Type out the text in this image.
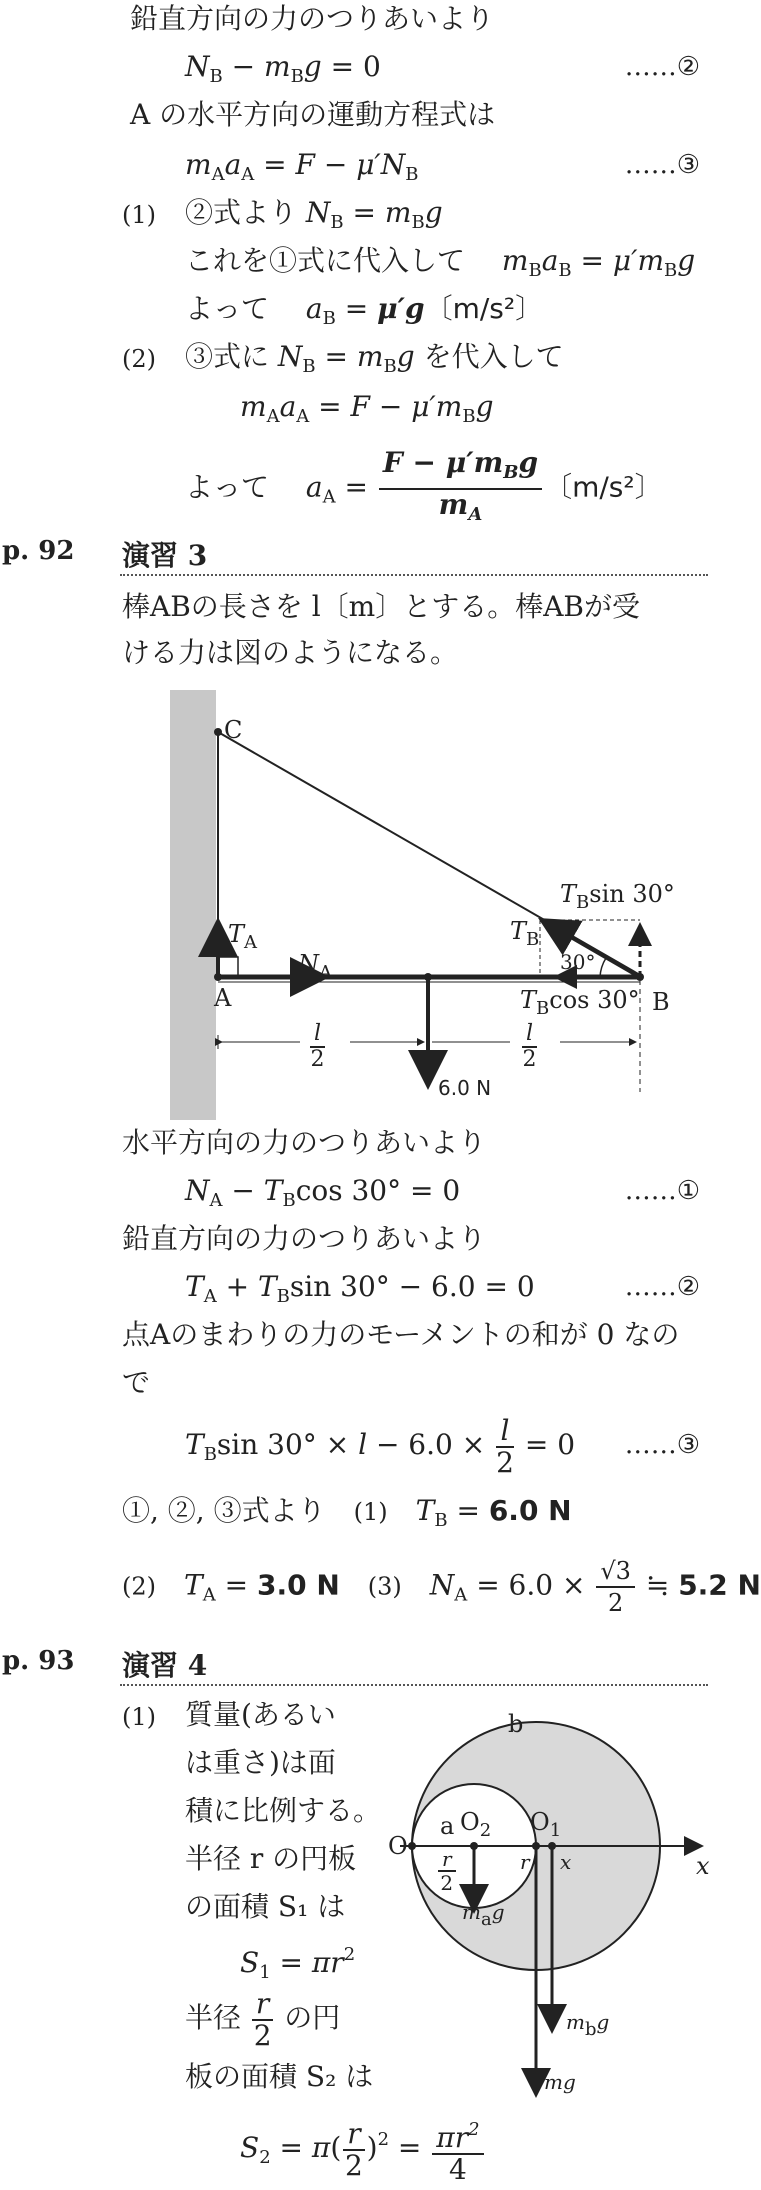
鉛直方向の力のつりあいより
$N_B - m_Bg = 0$	……②
A の水平方向の運動方程式は
$m_Aa_A = F - \mu'N_B$	……③
(1) ②式より $N_B = m_Bg$
これを①式に代入して　 $m_Ba_B = \mu'm_Bg$
よって　 $a_B = \mu'g$〔m/s²〕
(2) ③式に $N_B = m_Bg$ を代入して
$m_Aa_A = F - \mu'm_Bg$
よって　 $a_A = \frac{F - \mu'm_Bg}{m_A}$ 〔m/s²〕
p. 92 演習 3
棒ABの長さを l〔m〕とする。棒ABが受
ける力は図のようになる。
C
A	B
$T_A$
$N_A$
$T_B$
$T_B\sin$ 30°
$T_B\cos$ 30°
30°
$\frac{l}{2}$	$\frac{l}{2}$
6.0 N
水平方向の力のつりあいより
$N_A - T_B\cos$ 30° = 0	……①
鉛直方向の力のつりあいより
$T_A + T_B\sin$ 30° − 6.0 = 0	……②
点Aのまわりの力のモーメントの和が 0 なの
で
$T_B\sin$ $30^\circ \times l - 6.0 \times \frac{l}{2} = 0$ ……③
①, ②, ③式より　 (1)　 $T_B = 6.0$ N
(2)　 $T_A = 3.0$ N　 (3)　 $N_A = 6.0 \times \frac{√3}{2}$ ≒ 5.2 N
p. 93 演習 4
(1) 質量(あるい
は重さ)は面
積に比例する。
半径 r の円板
の面積 S₁ は
$S_1 = \pi r^2$
半径 $\frac{r}{2}$ の円
板の面積 S₂ は
$S_2 = \pi( \frac{r}{2} )^2 = \frac{\pi r^2}{4}$
O
b
a $O_2$ $O_1$
$\frac{r}{2}$	r x	x
mag
mbg
mg
